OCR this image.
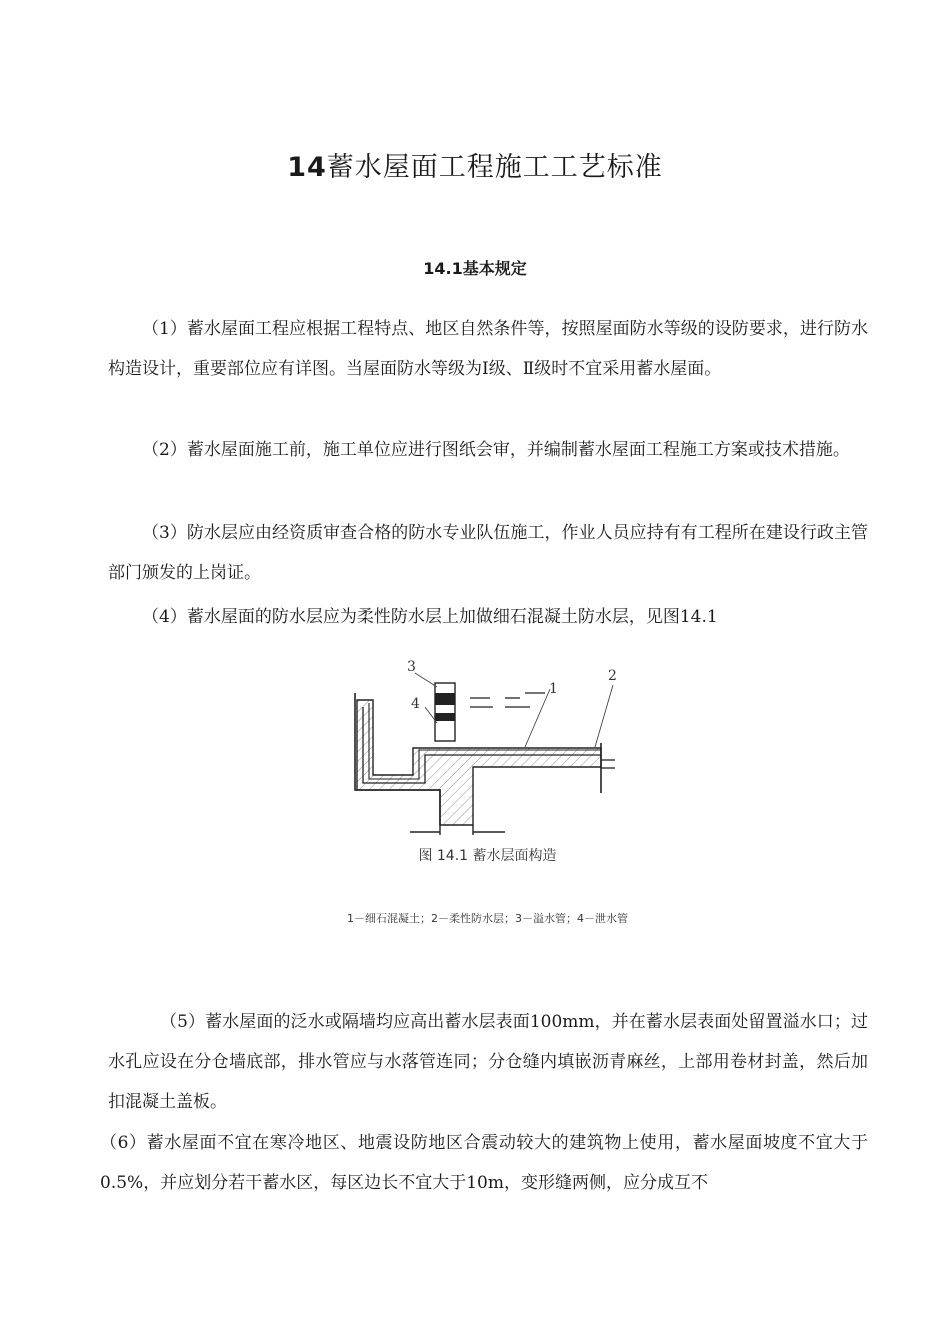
14蓄水屋面工程施工工艺标准
14.1基本规定

（1）蓄水屋面工程应根据工程特点、地区自然条件等，按照屋面防水等级的设防要求，进行防水构造设计，重要部位应有详图。当屋面防水等级为Ⅰ级、Ⅱ级时不宜采用蓄水屋面。

（2）蓄水屋面施工前，施工单位应进行图纸会审，并编制蓄水屋面工程施工方案或技术措施。

（3）防水层应由经资质审查合格的防水专业队伍施工，作业人员应持有有工程所在建设行政主管部门颁发的上岗证。

（4）蓄水屋面的防水层应为柔性防水层上加做细石混凝土防水层，见图14.1

3
4
1
2

图 14.1 蓄水层面构造

1－细石混凝土；2－柔性防水层；3－溢水管；4－泄水管

（5）蓄水屋面的泛水或隔墙均应高出蓄水层表面100mm，并在蓄水层表面处留置溢水口；过水孔应设在分仓墙底部，排水管应与水落管连同；分仓缝内填嵌沥青麻丝，上部用卷材封盖，然后加扣混凝土盖板。

（6）蓄水屋面不宜在寒冷地区、地震设防地区合震动较大的建筑物上使用，蓄水屋面坡度不宜大于0.5%，并应划分若干蓄水区，每区边长不宜大于10m，变形缝两侧，应分成互不
